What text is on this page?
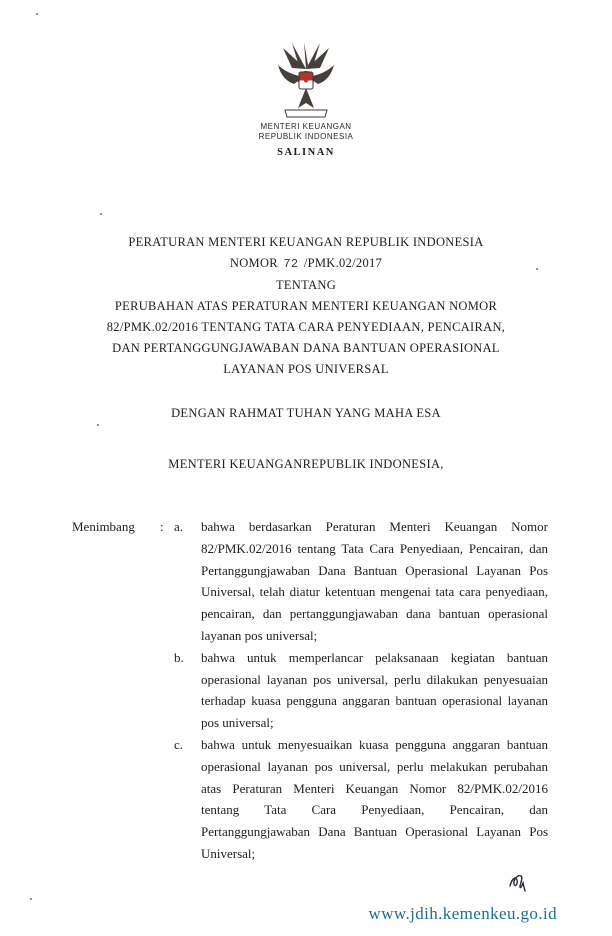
MENTERI KEUANGAN
REPUBLIK INDONESIA
SALINAN
PERATURAN MENTERI KEUANGAN REPUBLIK INDONESIA
NOMOR 72 /PMK.02/2017
TENTANG
PERUBAHAN ATAS PERATURAN MENTERI KEUANGAN NOMOR
82/PMK.02/2016 TENTANG TATA CARA PENYEDIAAN, PENCAIRAN,
DAN PERTANGGUNGJAWABAN DANA BANTUAN OPERASIONAL
LAYANAN POS UNIVERSAL
DENGAN RAHMAT TUHAN YANG MAHA ESA
MENTERI KEUANGANREPUBLIK INDONESIA,
Menimbang	: a.	bahwa berdasarkan Peraturan Menteri Keuangan Nomor 82/PMK.02/2016 tentang Tata Cara Penyediaan, Pencairan, dan Pertanggungjawaban Dana Bantuan Operasional Layanan Pos Universal, telah diatur ketentuan mengenai tata cara penyediaan, pencairan, dan pertanggungjawaban dana bantuan operasional layanan pos universal;
b.	bahwa untuk memperlancar pelaksanaan kegiatan bantuan operasional layanan pos universal, perlu dilakukan penyesuaian terhadap kuasa pengguna anggaran bantuan operasional layanan pos universal;
c.	bahwa untuk menyesuaikan kuasa pengguna anggaran bantuan operasional layanan pos universal, perlu melakukan perubahan atas Peraturan Menteri Keuangan Nomor 82/PMK.02/2016 tentang Tata Cara Penyediaan, Pencairan, dan Pertanggungjawaban Dana Bantuan Operasional Layanan Pos Universal;
www.jdih.kemenkeu.go.id
